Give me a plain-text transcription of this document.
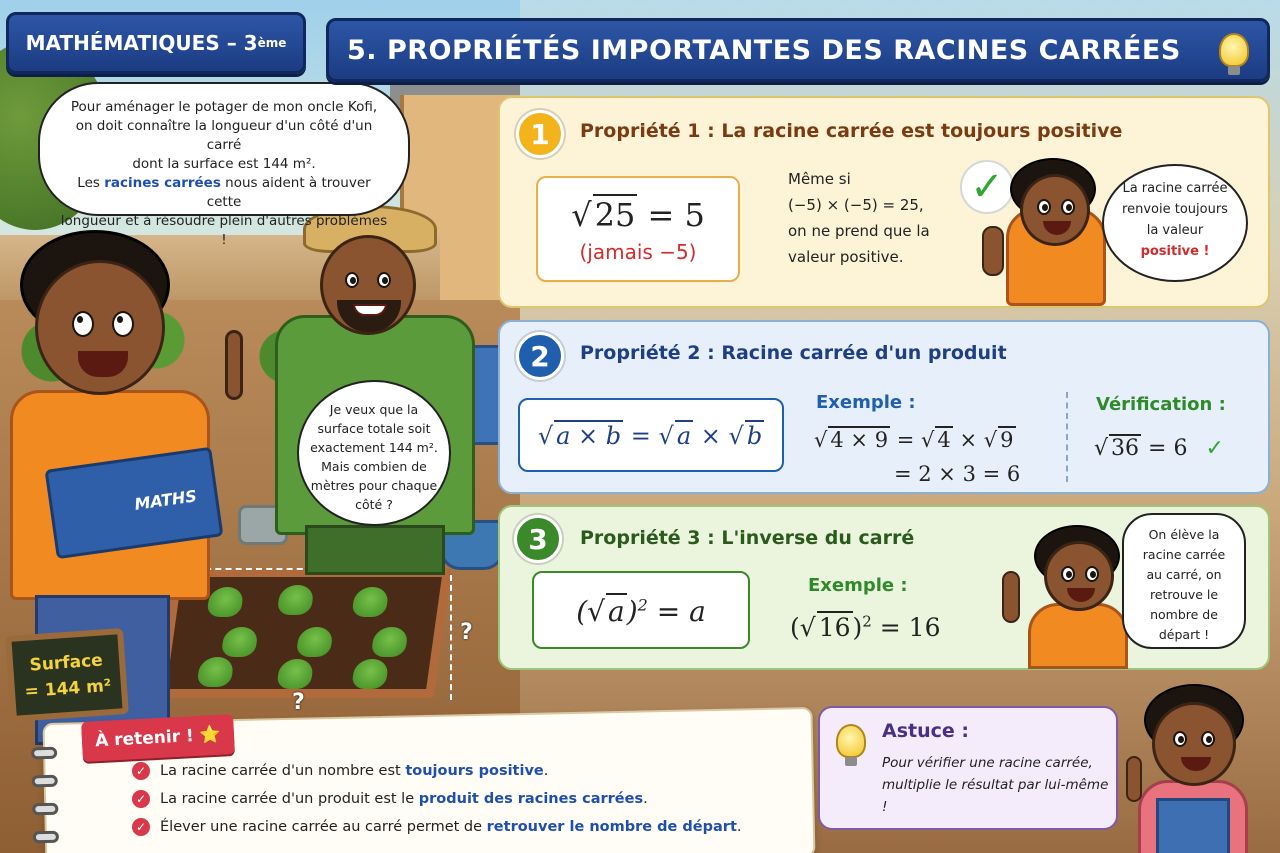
?
?
MATHS
Surface
= 144 m²
Pour aménager le potager de mon oncle Kofi,
on doit connaître la longueur d'un côté d'un carré
dont la surface est 144 m².
Les racines carrées nous aident à trouver cette
longueur et à résoudre plein d'autres problèmes !
Je veux que la
surface totale soit
exactement 144 m².
Mais combien de
mètres pour chaque
côté ?
MATHÉMATIQUES – 3 ème 5. PROPRIÉTÉS IMPORTANTES DES RACINES CARRÉES
1	Propriété 1 : La racine carrée est toujours positive
√25 = 5
(jamais −5)
Même si
(−5) × (−5) = 25,
on ne prend que la
valeur positive.
✓	La racine carrée
renvoie toujours
la valeur
positive !
2	Propriété 2 : Racine carrée d'un produit
√ a × b = √ a × √ b
Exemple :
√ 4 × 9 = √ 4 × √ 9
= 2 × 3 = 6
Vérification :
√ 36 = 6 ✓
3	Propriété 3 : L'inverse du carré
(√ a)$^2$ = a
Exemple :
(√ 16)$^2$ = 16
On élève la
racine carrée
au carré, on
retrouve le
nombre de
départ !
À retenir ! ⭐
✓ La racine carrée d'un nombre est toujours positive.
✓ La racine carrée d'un produit est le produit des racines carrées.
✓ Élever une racine carrée au carré permet de retrouver le nombre de départ.
Astuce :
Pour vérifier une racine carrée,
multiplie le résultat par lui-même !
